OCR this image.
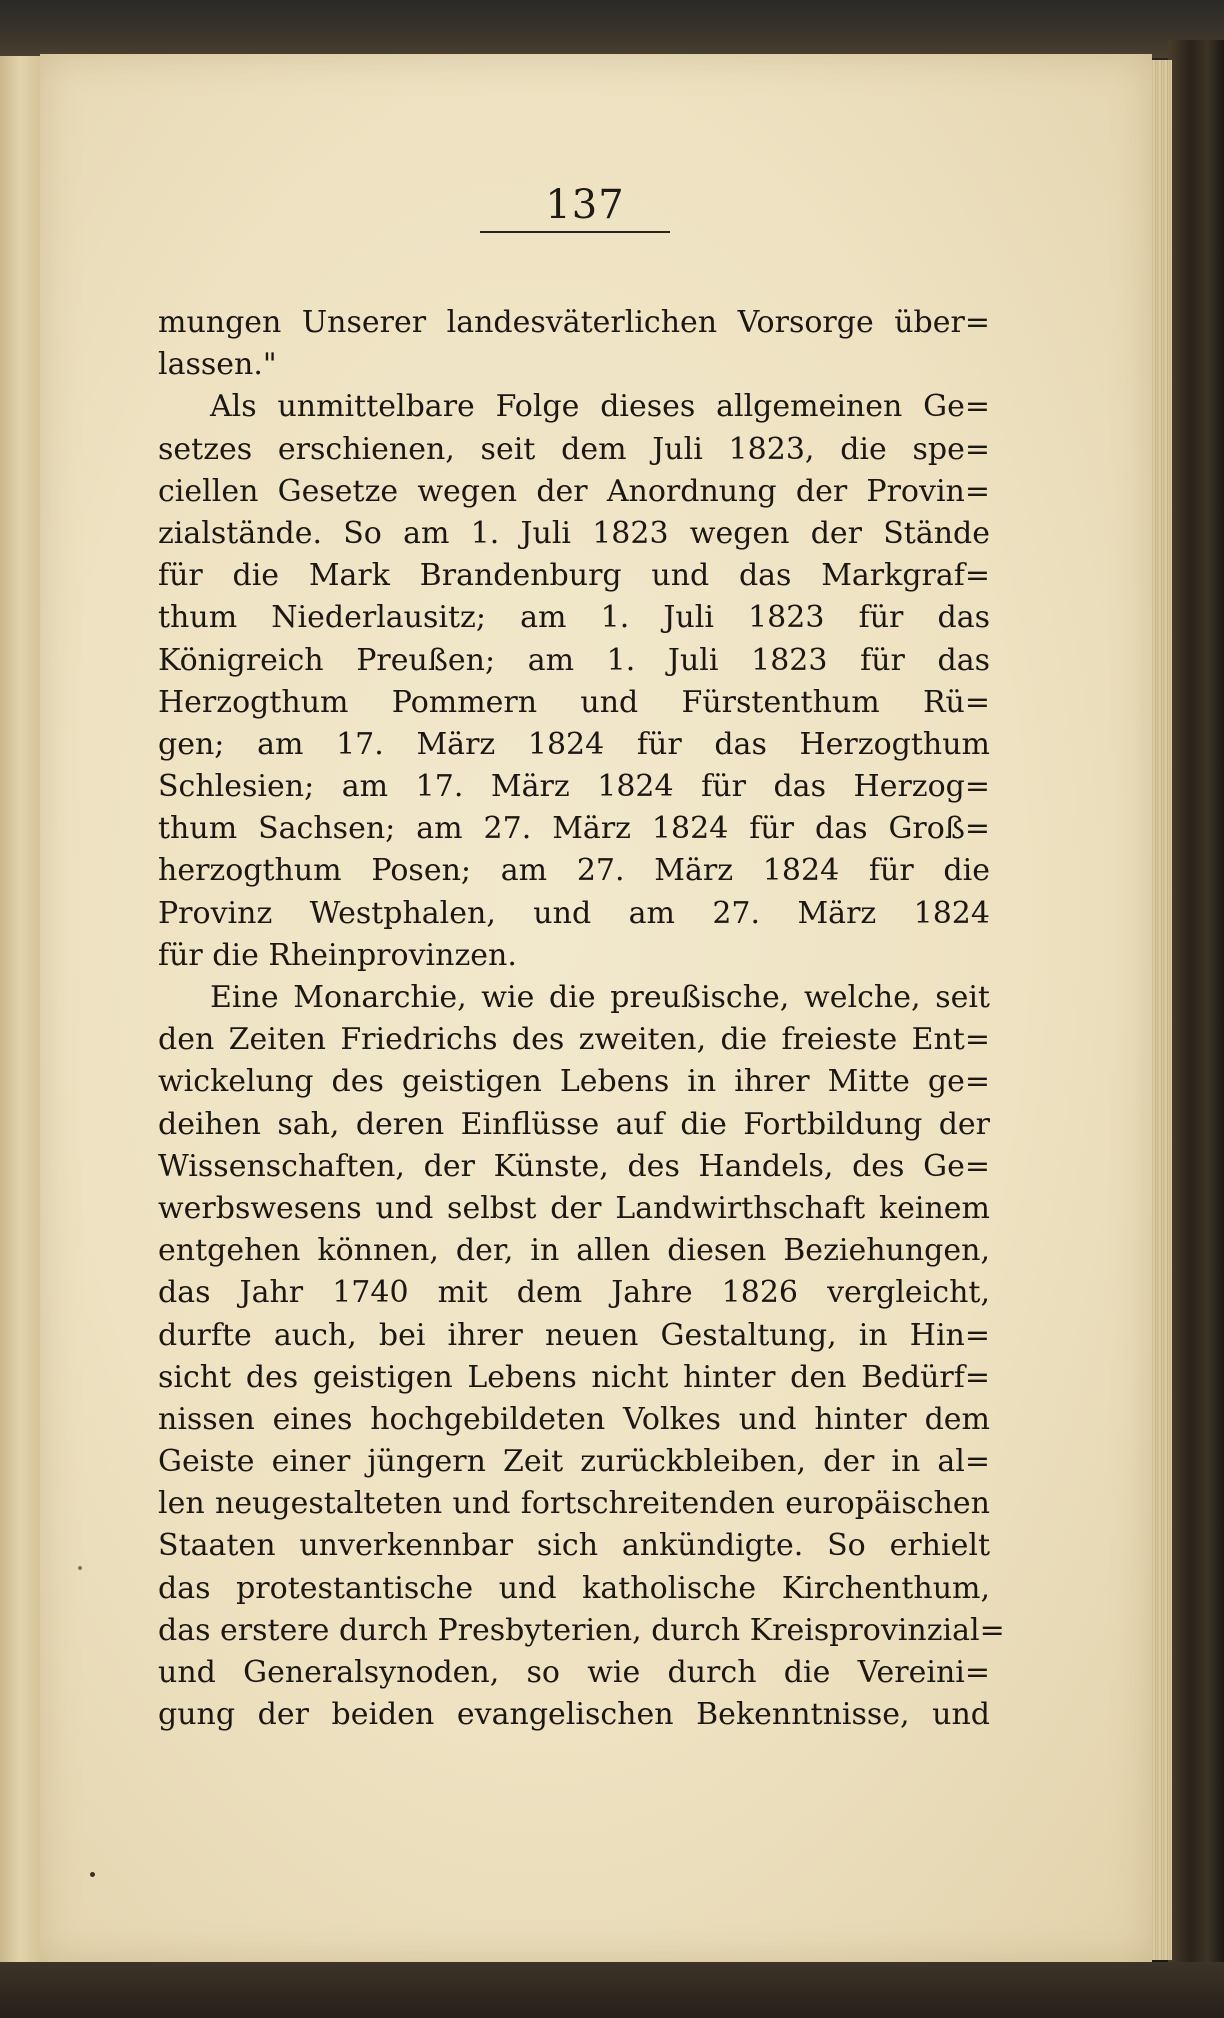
137
mungen Unserer landesväterlichen Vorsorge über=
lassen."
Als unmittelbare Folge dieses allgemeinen Ge=
setzes erschienen, seit dem Juli 1823, die spe=
ciellen Gesetze wegen der Anordnung der Provin=
zialstände. So am 1. Juli 1823 wegen der Stände
für die Mark Brandenburg und das Markgraf=
thum Niederlausitz; am 1. Juli 1823 für das
Königreich Preußen; am 1. Juli 1823 für das
Herzogthum Pommern und Fürstenthum Rü=
gen; am 17. März 1824 für das Herzogthum
Schlesien; am 17. März 1824 für das Herzog=
thum Sachsen; am 27. März 1824 für das Groß=
herzogthum Posen; am 27. März 1824 für die
Provinz Westphalen, und am 27. März 1824
für die Rheinprovinzen.
Eine Monarchie, wie die preußische, welche, seit
den Zeiten Friedrichs des zweiten, die freieste Ent=
wickelung des geistigen Lebens in ihrer Mitte ge=
deihen sah, deren Einflüsse auf die Fortbildung der
Wissenschaften, der Künste, des Handels, des Ge=
werbswesens und selbst der Landwirthschaft keinem
entgehen können, der, in allen diesen Beziehungen,
das Jahr 1740 mit dem Jahre 1826 vergleicht,
durfte auch, bei ihrer neuen Gestaltung, in Hin=
sicht des geistigen Lebens nicht hinter den Bedürf=
nissen eines hochgebildeten Volkes und hinter dem
Geiste einer jüngern Zeit zurückbleiben, der in al=
len neugestalteten und fortschreitenden europäischen
Staaten unverkennbar sich ankündigte. So erhielt
das protestantische und katholische Kirchenthum,
das erstere durch Presbyterien, durch Kreisprovinzial=
und Generalsynoden, so wie durch die Vereini=
gung der beiden evangelischen Bekenntnisse, und
